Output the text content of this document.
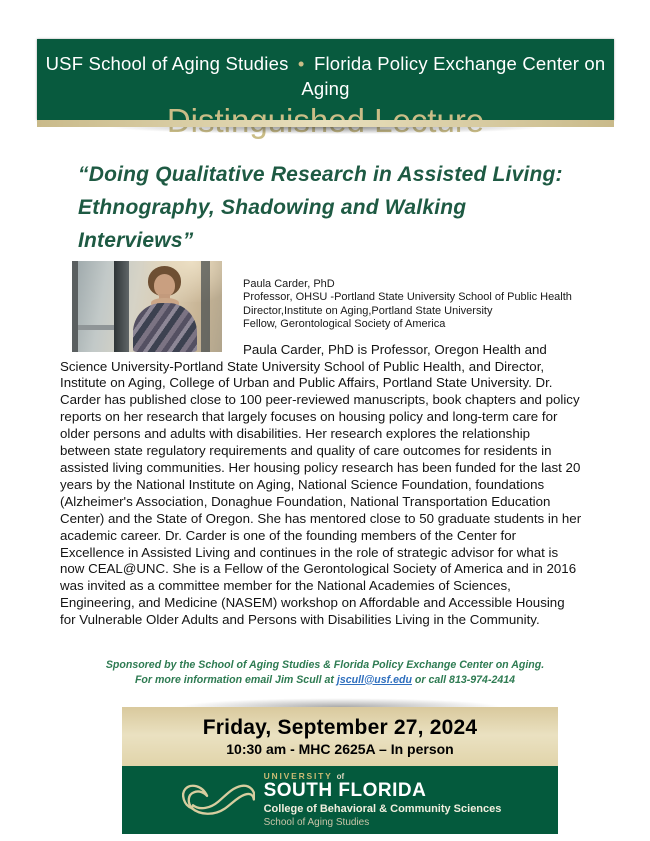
USF School of Aging Studies • Florida Policy Exchange Center on Aging
“Doing Qualitative Research in Assisted Living:
Ethnography, Shadowing and Walking Interviews”
Paula Carder, PhD
Professor, OHSU -Portland State University School of Public Health
Director,Institute on Aging,Portland State University
Fellow, Gerontological Society of America

Paula Carder, PhD is Professor, Oregon Health and Science University-Portland State University School of Public Health, and Director, Institute on Aging, College of Urban and Public Affairs, Portland State University. Dr. Carder has published close to 100 peer-reviewed manuscripts, book chapters and policy reports on her research that largely focuses on housing policy and long-term care for older persons and adults with disabilities. Her research explores the relationship between state regulatory requirements and quality of care outcomes for residents in assisted living communities. Her housing policy research has been funded for the last 20 years by the National Institute on Aging, National Science Foundation, foundations (Alzheimer's Association, Donaghue Foundation, National Transportation Education Center) and the State of Oregon. She has mentored close to 50 graduate students in her academic career. Dr. Carder is one of the founding members of the Center for Excellence in Assisted Living and continues in the role of strategic advisor for what is now CEAL@UNC. She is a Fellow of the Gerontological Society of America and in 2016 was invited as a committee member for the National Academies of Sciences, Engineering, and Medicine (NASEM) workshop on Affordable and Accessible Housing for Vulnerable Older Adults and Persons with Disabilities Living in the Community.

Sponsored by the School of Aging Studies & Florida Policy Exchange Center on Aging.
For more information email Jim Scull at jscull@usf.edu or call 813-974-2414
Friday, September 27, 2024
10:30 am - MHC 2625A – In person
UNIVERSITY of
SOUTH FLORIDA
College of Behavioral & Community Sciences
School of Aging Studies
